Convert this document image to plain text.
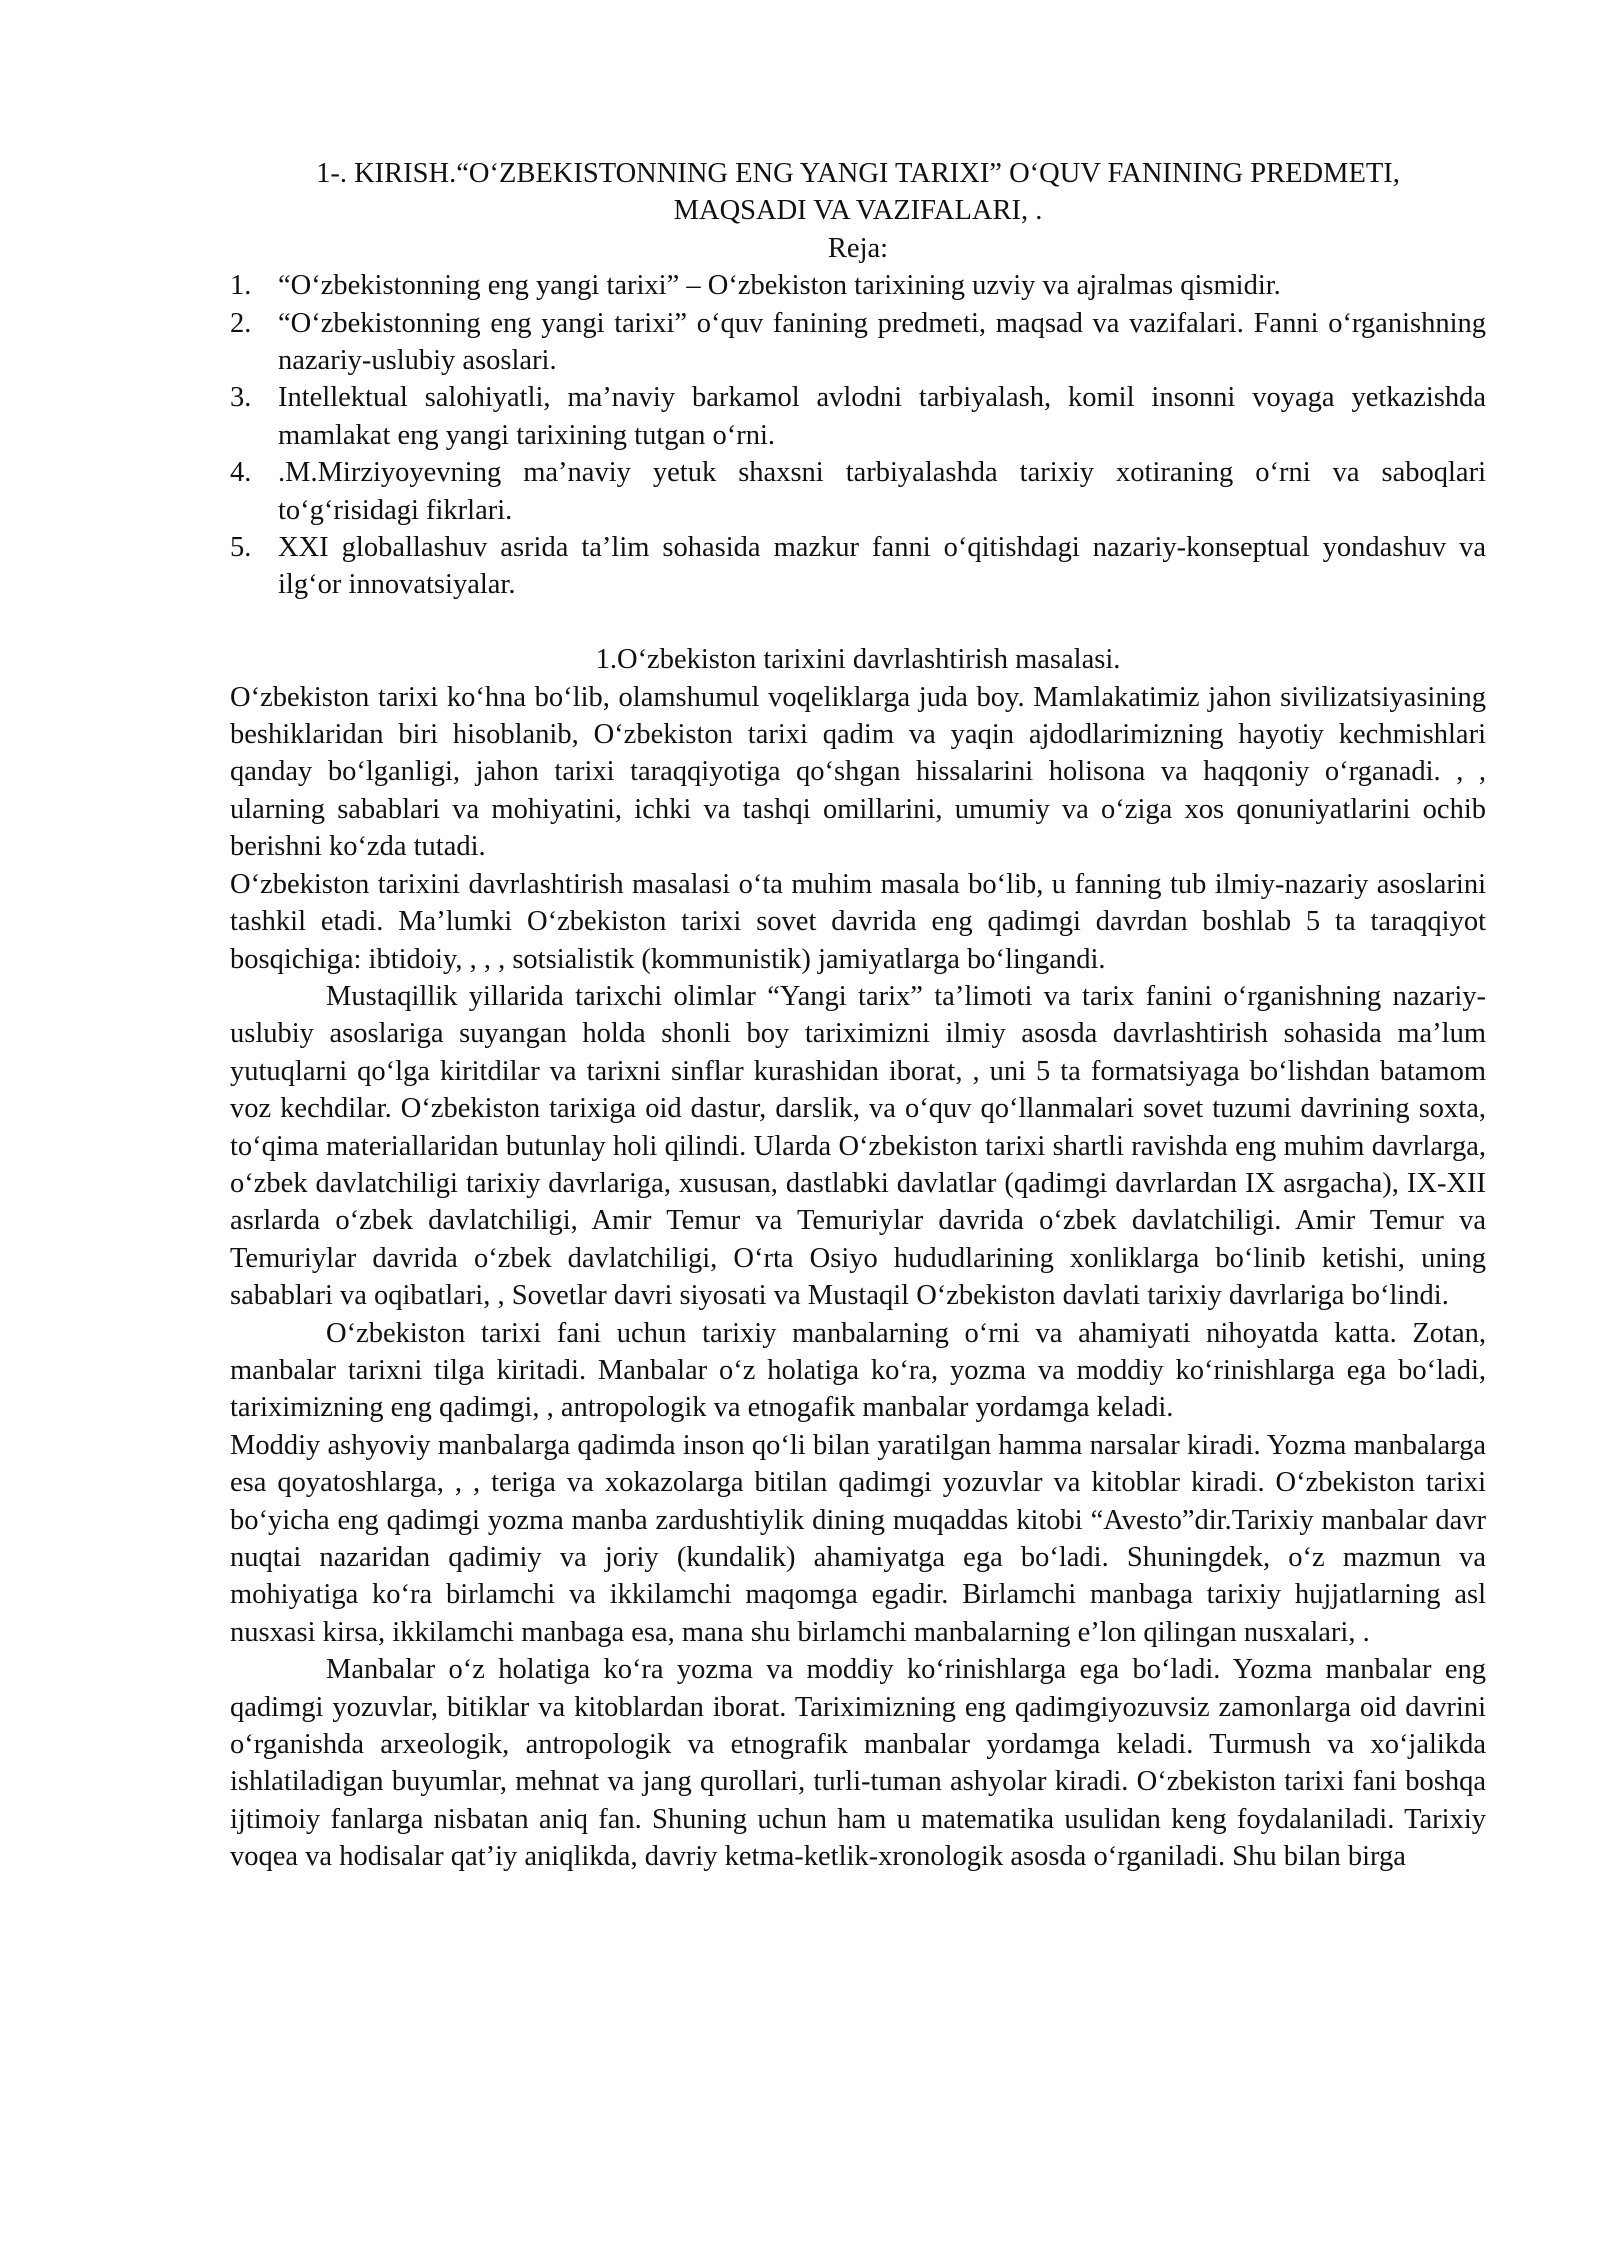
1-. KIRISH.“O‘ZBEKISTONNING ENG YANGI TARIXI” O‘QUV FANINING PREDMETI,
MAQSADI VA VAZIFALARI, .

Reja:

1. “O‘zbekistonning eng yangi tarixi” – O‘zbekiston tarixining uzviy va ajralmas qismidir.
2. “O‘zbekistonning eng yangi tarixi” o‘quv fanining predmeti, maqsad va vazifalari. Fanni o‘rganishning nazariy-uslubiy asoslari.
3. Intellektual salohiyatli, ma’naviy barkamol avlodni tarbiyalash, komil insonni voyaga yetkazishda mamlakat eng yangi tarixining tutgan o‘rni.
4. .M.Mirziyoyevning ma’naviy yetuk shaxsni tarbiyalashda tarixiy xotiraning o‘rni va saboqlari to‘g‘risidagi fikrlari.
5. XXI globallashuv asrida ta’lim sohasida mazkur fanni o‘qitishdagi nazariy-konseptual yondashuv va ilg‘or innovatsiyalar.
1.O‘zbekiston tarixini davrlashtirish masalasi.

O‘zbekiston tarixi ko‘hna bo‘lib, olamshumul voqeliklarga juda boy. Mamlakatimiz jahon sivilizatsiyasining beshiklaridan biri hisoblanib, O‘zbekiston tarixi qadim va yaqin ajdodlarimizning hayotiy kechmishlari qanday bo‘lganligi, jahon tarixi taraqqiyotiga qo‘shgan hissalarini holisona va haqqoniy o‘rganadi. , , ularning sabablari va mohiyatini, ichki va tashqi omillarini, umumiy va o‘ziga xos qonuniyatlarini ochib berishni ko‘zda tutadi.

O‘zbekiston tarixini davrlashtirish masalasi o‘ta muhim masala bo‘lib, u fanning tub ilmiy-nazariy asoslarini tashkil etadi. Ma’lumki O‘zbekiston tarixi sovet davrida eng qadimgi davrdan boshlab 5 ta taraqqiyot bosqichiga: ibtidoiy, , , , sotsialistik (kommunistik) jamiyatlarga bo‘lingandi.

Mustaqillik yillarida tarixchi olimlar “Yangi tarix” ta’limoti va tarix fanini o‘rganishning nazariy-uslubiy asoslariga suyangan holda shonli boy tariximizni ilmiy asosda davrlashtirish sohasida ma’lum yutuqlarni qo‘lga kiritdilar va tarixni sinflar kurashidan iborat, , uni 5 ta formatsiyaga bo‘lishdan batamom voz kechdilar. O‘zbekiston tarixiga oid dastur, darslik, va o‘quv qo‘llanmalari sovet tuzumi davrining soxta, to‘qima materiallaridan butunlay holi qilindi. Ularda O‘zbekiston tarixi shartli ravishda eng muhim davrlarga, o‘zbek davlatchiligi tarixiy davrlariga, xususan, dastlabki davlatlar (qadimgi davrlardan IX asrgacha), IX-XII asrlarda o‘zbek davlatchiligi, Amir Temur va Temuriylar davrida o‘zbek davlatchiligi. Amir Temur va Temuriylar davrida o‘zbek davlatchiligi, O‘rta Osiyo hududlarining xonliklarga bo‘linib ketishi, uning sabablari va oqibatlari, , Sovetlar davri siyosati va Mustaqil O‘zbekiston davlati tarixiy davrlariga bo‘lindi.

O‘zbekiston tarixi fani uchun tarixiy manbalarning o‘rni va ahamiyati nihoyatda katta. Zotan, manbalar tarixni tilga kiritadi. Manbalar o‘z holatiga ko‘ra, yozma va moddiy ko‘rinishlarga ega bo‘ladi, tariximizning eng qadimgi, , antropologik va etnogafik manbalar yordamga keladi.

Moddiy ashyoviy manbalarga qadimda inson qo‘li bilan yaratilgan hamma narsalar kiradi. Yozma manbalarga esa qoyatoshlarga, , , teriga va xokazolarga bitilan qadimgi yozuvlar va kitoblar kiradi. O‘zbekiston tarixi bo‘yicha eng qadimgi yozma manba zardushtiylik dining muqaddas kitobi “Avesto”dir.Tarixiy manbalar davr nuqtai nazaridan qadimiy va joriy (kundalik) ahamiyatga ega bo‘ladi. Shuningdek, o‘z mazmun va mohiyatiga ko‘ra birlamchi va ikkilamchi maqomga egadir. Birlamchi manbaga tarixiy hujjatlarning asl nusxasi kirsa, ikkilamchi manbaga esa, mana shu birlamchi manbalarning e’lon qilingan nusxalari, .

Manbalar o‘z holatiga ko‘ra yozma va moddiy ko‘rinishlarga ega bo‘ladi. Yozma manbalar eng qadimgi yozuvlar, bitiklar va kitoblardan iborat. Tariximizning eng qadimgiyozuvsiz zamonlarga oid davrini o‘rganishda arxeologik, antropologik va etnografik manbalar yordamga keladi. Turmush va xo‘jalikda ishlatiladigan buyumlar, mehnat va jang qurollari, turli-tuman ashyolar kiradi. O‘zbekiston tarixi fani boshqa ijtimoiy fanlarga nisbatan aniq fan. Shuning uchun ham u matematika usulidan keng foydalaniladi. Tarixiy voqea va hodisalar qat’iy aniqlikda, davriy ketma-ketlik-xronologik asosda o‘rganiladi. Shu bilan birga
